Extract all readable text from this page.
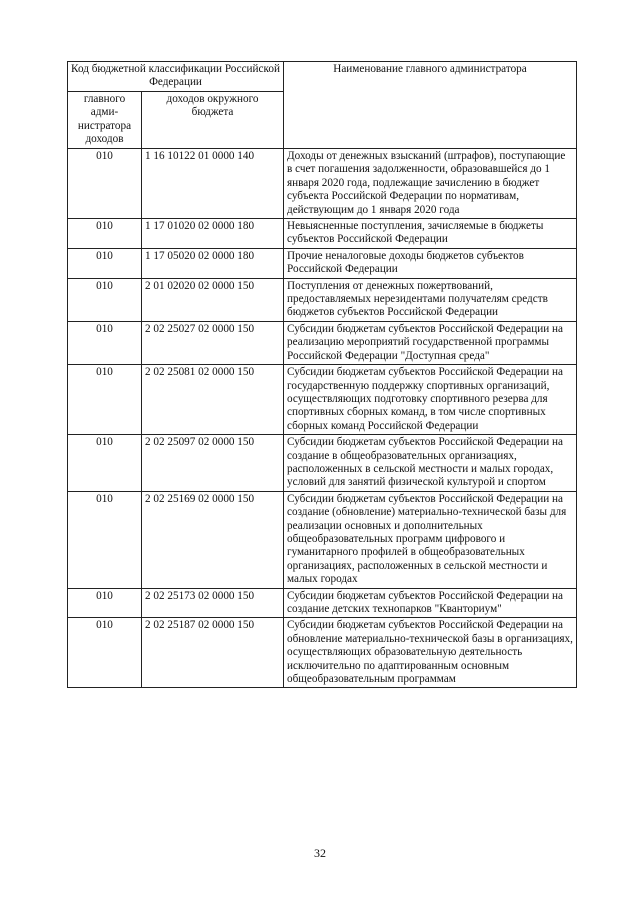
Код бюджетной классификации Российской Федерации		Наименование главного администратора
главного адми-нистратора доходов	доходов окружного бюджета	
010	1 16 10122 01 0000 140	Доходы от денежных взысканий (штрафов), поступающие в счет погашения задолженности, образовавшейся до 1 января 2020 года, подлежащие зачислению в бюджет субъекта Российской Федерации по нормативам, действующим до 1 января 2020 года
010	1 17 01020 02 0000 180	Невыясненные поступления, зачисляемые в бюджеты субъектов Российской Федерации
010	1 17 05020 02 0000 180	Прочие неналоговые доходы бюджетов субъектов Российской Федерации
010	2 01 02020 02 0000 150	Поступления от денежных пожертвований, предоставляемых нерезидентами получателям средств бюджетов субъектов Российской Федерации
010	2 02 25027 02 0000 150	Субсидии бюджетам субъектов Российской Федерации на реализацию мероприятий государственной программы Российской Федерации "Доступная среда"
010	2 02 25081 02 0000 150	Субсидии бюджетам субъектов Российской Федерации на государственную поддержку спортивных организаций, осуществляющих подготовку спортивного резерва для спортивных сборных команд, в том числе спортивных сборных команд Российской Федерации
010	2 02 25097 02 0000 150	Субсидии бюджетам субъектов Российской Федерации на создание в общеобразовательных организациях, расположенных в сельской местности и малых городах, условий для занятий физической культурой и спортом
010	2 02 25169 02 0000 150	Субсидии бюджетам субъектов Российской Федерации на создание (обновление) материально-технической базы для реализации основных и дополнительных общеобразовательных программ цифрового и гуманитарного профилей в общеобразовательных организациях, расположенных в сельской местности и малых городах
010	2 02 25173 02 0000 150	Субсидии бюджетам субъектов Российской Федерации на создание детских технопарков "Кванториум"
010	2 02 25187 02 0000 150	Субсидии бюджетам субъектов Российской Федерации на обновление материально-технической базы в организациях, осуществляющих образовательную деятельность исключительно по адаптированным основным общеобразовательным программам
32
